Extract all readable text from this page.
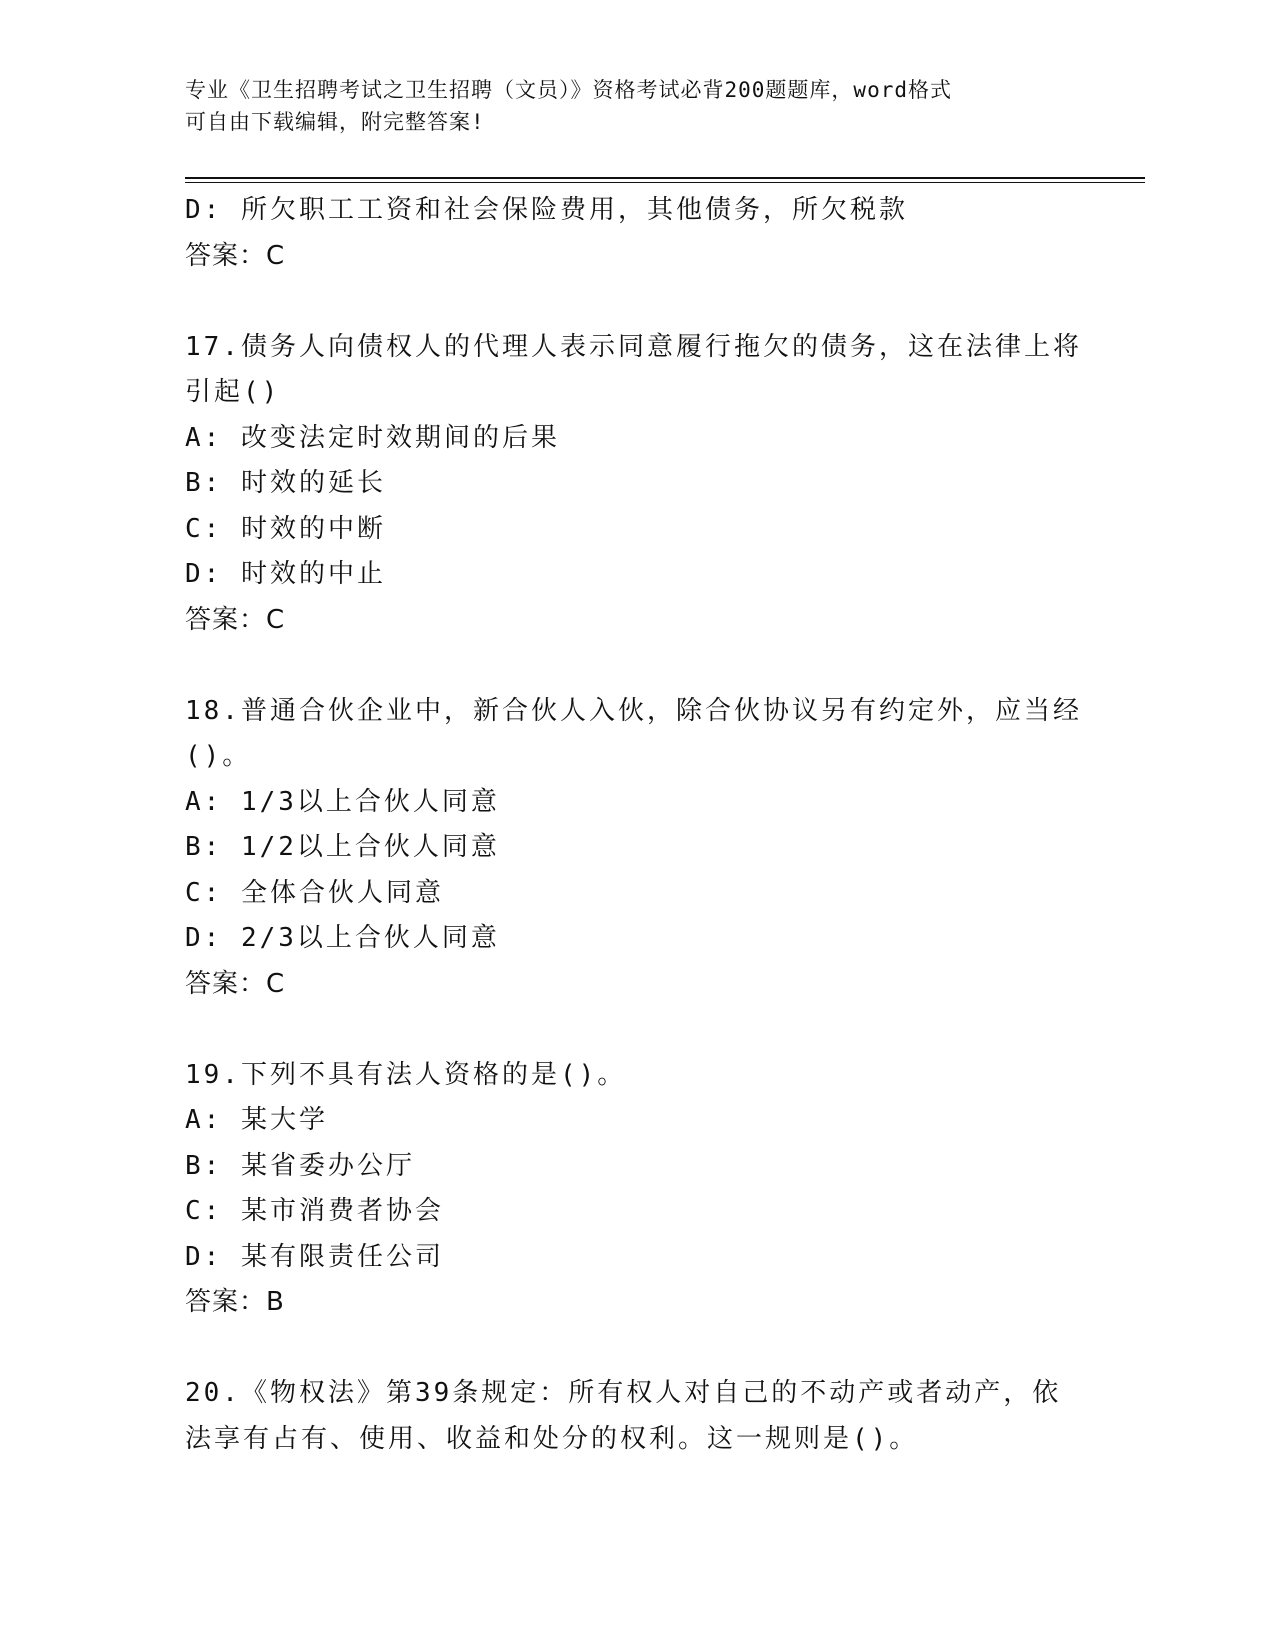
专业《卫生招聘考试之卫生招聘（文员）》资格考试必背200题题库，word格式
可自由下载编辑，附完整答案!
D: 所欠职工工资和社会保险费用，其他债务，所欠税款
答案：C
17.债务人向债权人的代理人表示同意履行拖欠的债务，这在法律上将
引起()
A: 改变法定时效期间的后果
B: 时效的延长
C: 时效的中断
D: 时效的中止
答案：C
18.普通合伙企业中，新合伙人入伙，除合伙协议另有约定外，应当经
()。
A: 1/3以上合伙人同意
B: 1/2以上合伙人同意
C: 全体合伙人同意
D: 2/3以上合伙人同意
答案：C
19.下列不具有法人资格的是()。
A: 某大学
B: 某省委办公厅
C: 某市消费者协会
D: 某有限责任公司
答案：B
20.《物权法》第39条规定：所有权人对自己的不动产或者动产，依
法享有占有、使用、收益和处分的权利。这一规则是()。
